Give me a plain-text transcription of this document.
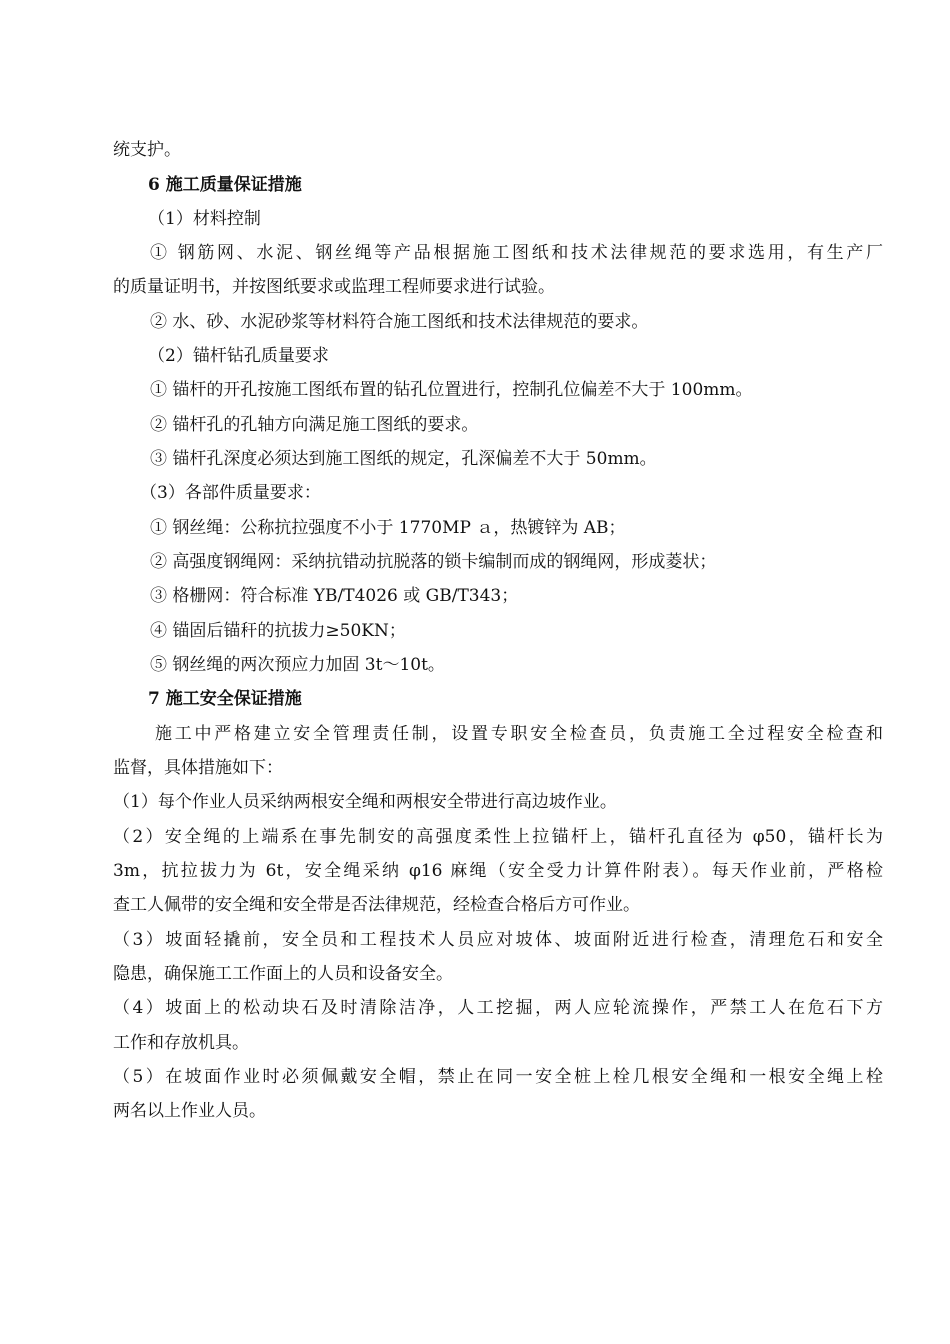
统支护。
6 施工质量保证措施
（1）材料控制
① 钢筋网、水泥、钢丝绳等产品根据施工图纸和技术法律规范的要求选用，有生产厂
的质量证明书，并按图纸要求或监理工程师要求进行试验。
② 水、砂、水泥砂浆等材料符合施工图纸和技术法律规范的要求。
（2）锚杆钻孔质量要求
① 锚杆的开孔按施工图纸布置的钻孔位置进行，控制孔位偏差不大于 100mm。
② 锚杆孔的孔轴方向满足施工图纸的要求。
③ 锚杆孔深度必须达到施工图纸的规定，孔深偏差不大于 50mm。
（3）各部件质量要求：
① 钢丝绳：公称抗拉强度不小于 1770MP ａ，热镀锌为 AB；
② 高强度钢绳网：采纳抗错动抗脱落的锁卡编制而成的钢绳网，形成菱状；
③ 格栅网：符合标准 YB/T4026 或 GB/T343；
④ 锚固后锚秆的抗拔力≥50KN；
⑤ 钢丝绳的两次预应力加固 3t～10t。
7 施工安全保证措施
施工中严格建立安全管理责任制，设置专职安全检查员，负责施工全过程安全检查和
监督，具体措施如下：
（1）每个作业人员采纳两根安全绳和两根安全带进行高边坡作业。
（2）安全绳的上端系在事先制安的高强度柔性上拉锚杆上，锚杆孔直径为 φ50，锚杆长为
3m，抗拉拔力为 6t，安全绳采纳 φ16 麻绳（安全受力计算件附表）。每天作业前，严格检
查工人佩带的安全绳和安全带是否法律规范，经检查合格后方可作业。
（3）坡面轻撬前，安全员和工程技术人员应对坡体、坡面附近进行检查，清理危石和安全
隐患，确保施工工作面上的人员和设备安全。
（4）坡面上的松动块石及时清除洁净，人工挖掘，两人应轮流操作，严禁工人在危石下方
工作和存放机具。
（5）在坡面作业时必须佩戴安全帽，禁止在同一安全桩上栓几根安全绳和一根安全绳上栓
两名以上作业人员。
